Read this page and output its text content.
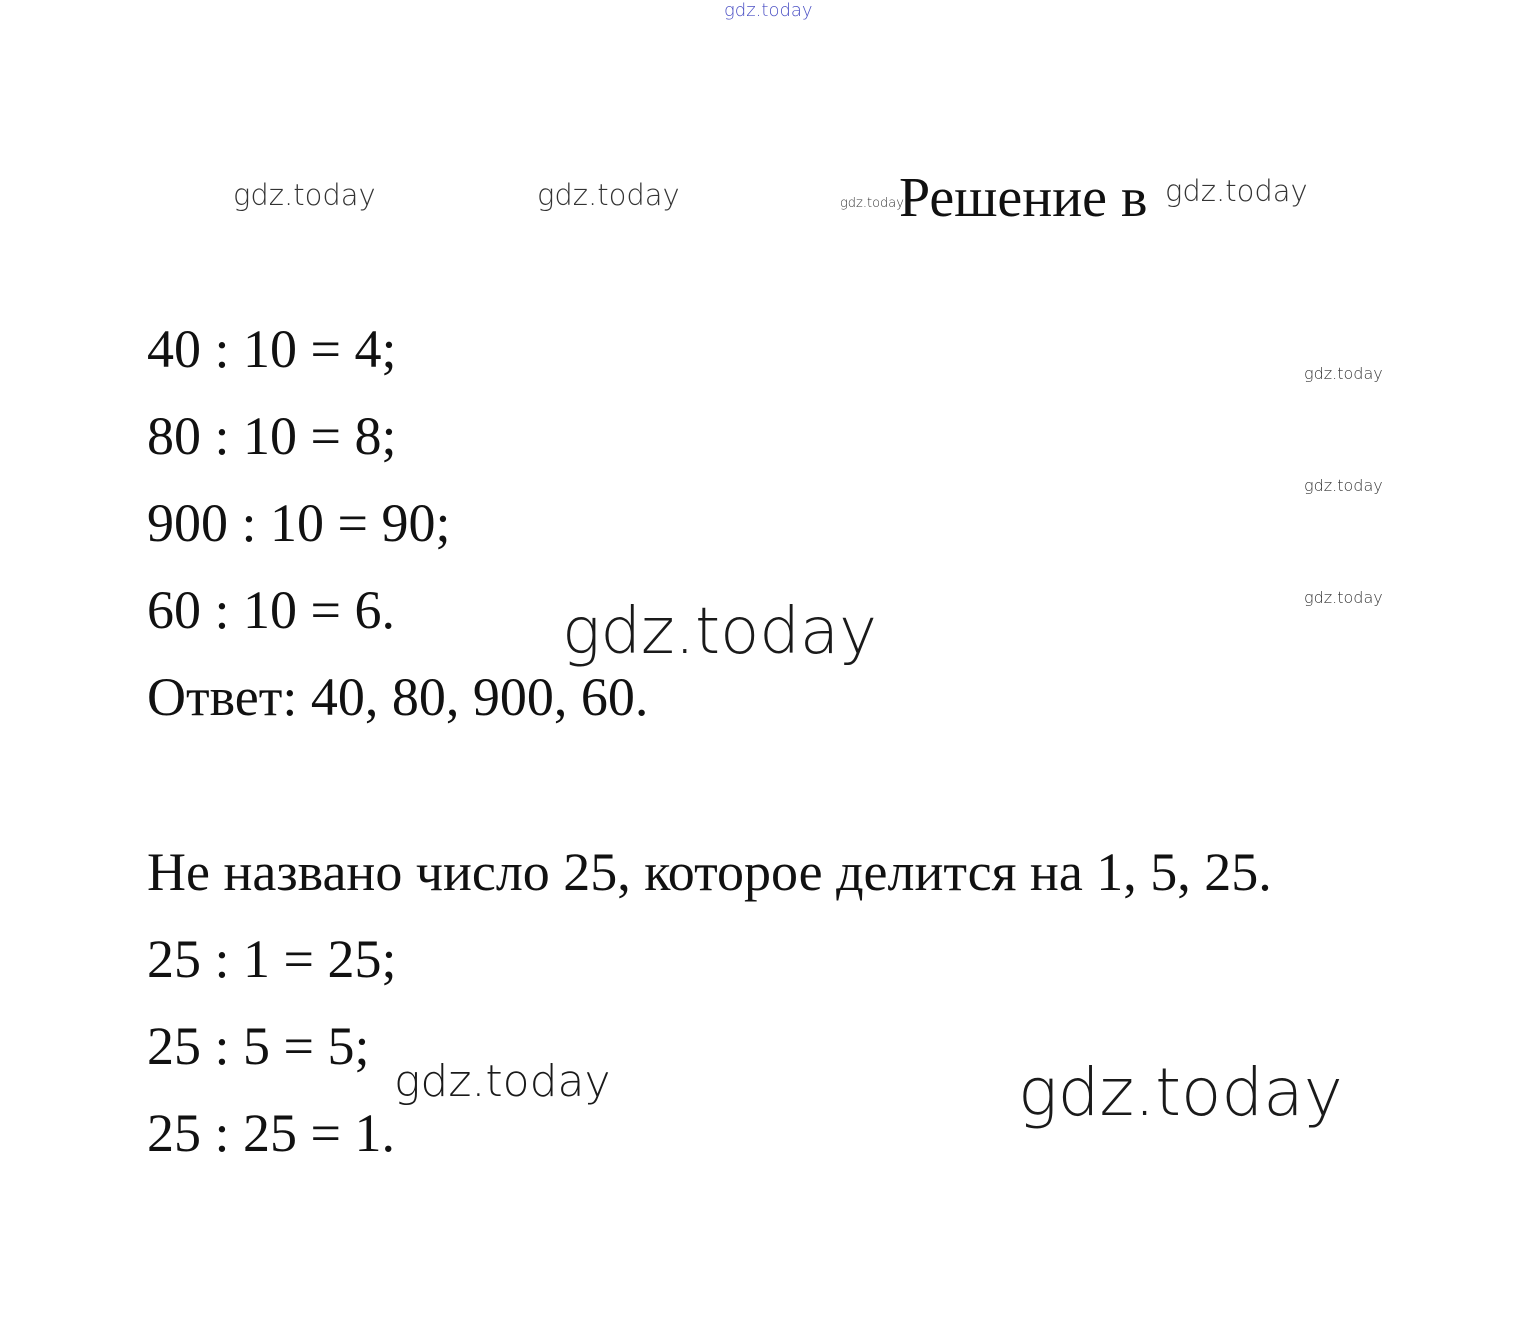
gdz.today
gdz.today	gdz.today	gdz.today
Решение в gdz.today
gdz.today
gdz.today
gdz.today
40 : 10 = 4;
80 : 10 = 8;
900 : 10 = 90;
60 : 10 = 6.
Ответ: 40, 80, 900, 60.
gdz.today
Не названо число 25, которое делится на 1, 5, 25.
25 : 1 = 25;
25 : 5 = 5;
25 : 25 = 1.
gdz.today	gdz.today
